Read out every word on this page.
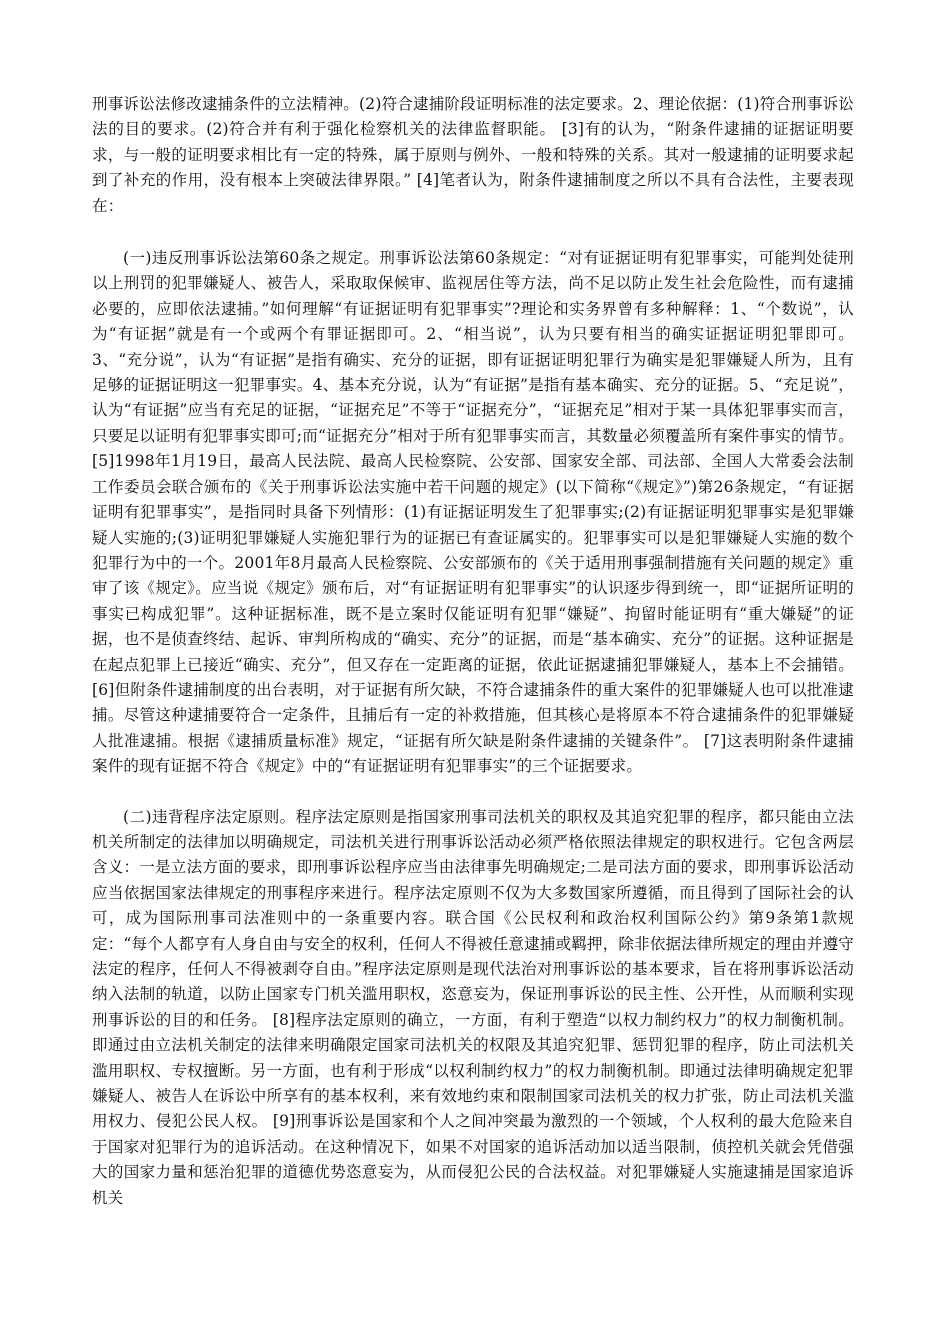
刑事诉讼法修改逮捕条件的立法精神。(2)符合逮捕阶段证明标准的法定要求。2、理论依据：(1)符合刑事诉讼法的目的要求。(2)符合并有利于强化检察机关的法律监督职能。 [3]有的认为，“附条件逮捕的证据证明要求，与一般的证明要求相比有一定的特殊，属于原则与例外、一般和特殊的关系。其对一般逮捕的证明要求起到了补充的作用，没有根本上突破法律界限。” [4]笔者认为，附条件逮捕制度之所以不具有合法性，主要表现在：

(一)违反刑事诉讼法第60条之规定。刑事诉讼法第60条规定：“对有证据证明有犯罪事实，可能判处徒刑以上刑罚的犯罪嫌疑人、被告人，采取取保候审、监视居住等方法，尚不足以防止发生社会危险性，而有逮捕必要的，应即依法逮捕。”如何理解“有证据证明有犯罪事实”?理论和实务界曾有多种解释：1、“个数说”，认为“有证据”就是有一个或两个有罪证据即可。2、“相当说”，认为只要有相当的确实证据证明犯罪即可。3、“充分说”，认为“有证据”是指有确实、充分的证据，即有证据证明犯罪行为确实是犯罪嫌疑人所为，且有足够的证据证明这一犯罪事实。4、基本充分说，认为“有证据”是指有基本确实、充分的证据。5、“充足说”，认为“有证据”应当有充足的证据，“证据充足”不等于“证据充分”，“证据充足”相对于某一具体犯罪事实而言，只要足以证明有犯罪事实即可;而“证据充分”相对于所有犯罪事实而言，其数量必须覆盖所有案件事实的情节。 [5]1998年1月19日，最高人民法院、最高人民检察院、公安部、国家安全部、司法部、全国人大常委会法制工作委员会联合颁布的《关于刑事诉讼法实施中若干问题的规定》(以下简称“《规定》”)第26条规定，“有证据证明有犯罪事实”，是指同时具备下列情形：(1)有证据证明发生了犯罪事实;(2)有证据证明犯罪事实是犯罪嫌疑人实施的;(3)证明犯罪嫌疑人实施犯罪行为的证据已有查证属实的。犯罪事实可以是犯罪嫌疑人实施的数个犯罪行为中的一个。2001年8月最高人民检察院、公安部颁布的《关于适用刑事强制措施有关问题的规定》重审了该《规定》。应当说《规定》颁布后，对“有证据证明有犯罪事实”的认识逐步得到统一，即“证据所证明的事实已构成犯罪”。这种证据标准，既不是立案时仅能证明有犯罪“嫌疑”、拘留时能证明有“重大嫌疑”的证据，也不是侦查终结、起诉、审判所构成的“确实、充分”的证据，而是“基本确实、充分”的证据。这种证据是在起点犯罪上已接近“确实、充分”，但又存在一定距离的证据，依此证据逮捕犯罪嫌疑人，基本上不会捕错。 [6]但附条件逮捕制度的出台表明，对于证据有所欠缺，不符合逮捕条件的重大案件的犯罪嫌疑人也可以批准逮捕。尽管这种逮捕要符合一定条件，且捕后有一定的补救措施，但其核心是将原本不符合逮捕条件的犯罪嫌疑人批准逮捕。根据《逮捕质量标准》规定，“证据有所欠缺是附条件逮捕的关键条件”。 [7]这表明附条件逮捕案件的现有证据不符合《规定》中的“有证据证明有犯罪事实”的三个证据要求。

(二)违背程序法定原则。程序法定原则是指国家刑事司法机关的职权及其追究犯罪的程序，都只能由立法机关所制定的法律加以明确规定，司法机关进行刑事诉讼活动必须严格依照法律规定的职权进行。它包含两层含义：一是立法方面的要求，即刑事诉讼程序应当由法律事先明确规定;二是司法方面的要求，即刑事诉讼活动应当依据国家法律规定的刑事程序来进行。程序法定原则不仅为大多数国家所遵循，而且得到了国际社会的认可，成为国际刑事司法准则中的一条重要内容。联合国《公民权利和政治权利国际公约》第9条第1款规定：“每个人都亨有人身自由与安全的权利，任何人不得被任意逮捕或羁押，除非依据法律所规定的理由并遵守法定的程序，任何人不得被剥夺自由。”程序法定原则是现代法治对刑事诉讼的基本要求，旨在将刑事诉讼活动纳入法制的轨道，以防止国家专门机关滥用职权，恣意妄为，保证刑事诉讼的民主性、公开性，从而顺利实现刑事诉讼的目的和任务。 [8]程序法定原则的确立，一方面，有利于塑造“以权力制约权力”的权力制衡机制。即通过由立法机关制定的法律来明确限定国家司法机关的权限及其追究犯罪、惩罚犯罪的程序，防止司法机关滥用职权、专权擅断。另一方面，也有利于形成“以权利制约权力”的权力制衡机制。即通过法律明确规定犯罪嫌疑人、被告人在诉讼中所享有的基本权利，来有效地约束和限制国家司法机关的权力扩张，防止司法机关滥用权力、侵犯公民人权。 [9]刑事诉讼是国家和个人之间冲突最为激烈的一个领域，个人权利的最大危险来自于国家对犯罪行为的追诉活动。在这种情况下，如果不对国家的追诉活动加以适当限制，侦控机关就会凭借强大的国家力量和惩治犯罪的道德优势恣意妄为，从而侵犯公民的合法权益。对犯罪嫌疑人实施逮捕是国家追诉机关
